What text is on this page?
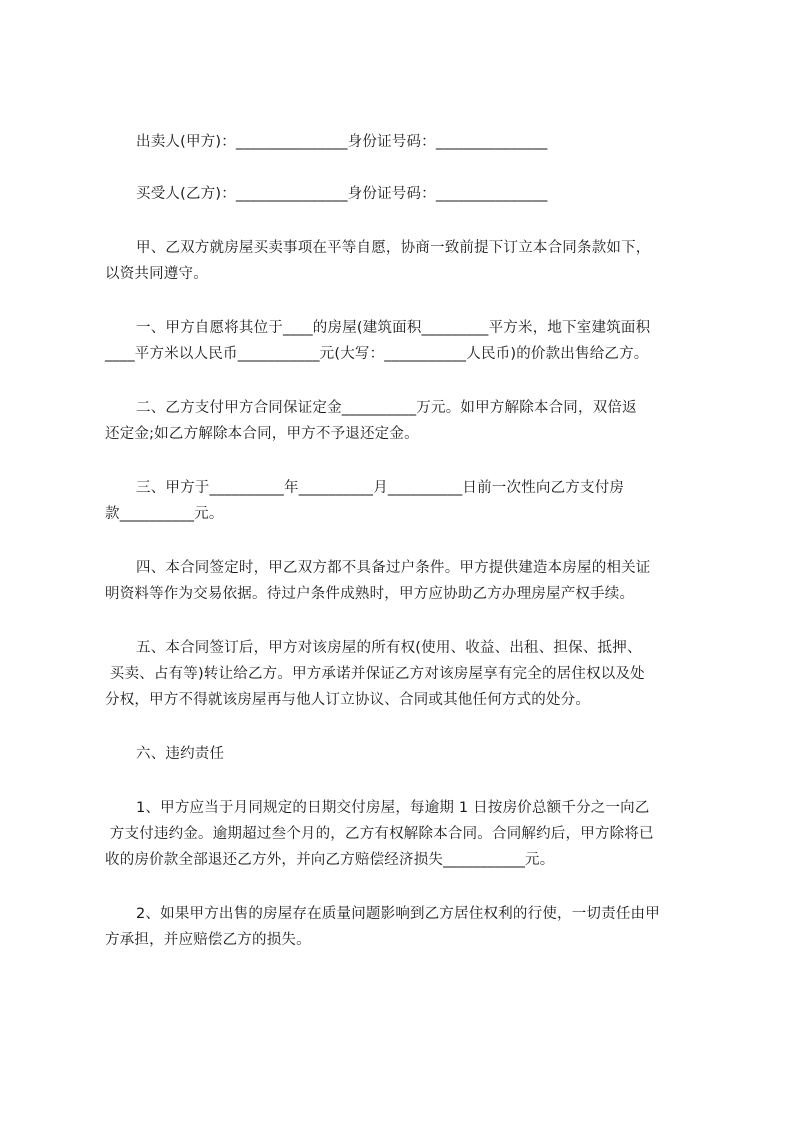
出卖人(甲方)：_______________身份证号码：_______________
买受人(乙方)：_______________身份证号码：_______________
甲、乙双方就房屋买卖事项在平等自愿，协商一致前提下订立本合同条款如下，
以资共同遵守。
一、甲方自愿将其位于____的房屋(建筑面积_________平方米，地下室建筑面积
____平方米以人民币___________元(大写：___________人民币)的价款出售给乙方。
二、乙方支付甲方合同保证定金__________万元。如甲方解除本合同，双倍返
还定金;如乙方解除本合同，甲方不予退还定金。
三、甲方于__________年__________月__________日前一次性向乙方支付房
款__________元。
四、本合同签定时，甲乙双方都不具备过户条件。甲方提供建造本房屋的相关证
明资料等作为交易依据。待过户条件成熟时，甲方应协助乙方办理房屋产权手续。
五、本合同签订后，甲方对该房屋的所有权(使用、收益、出租、担保、抵押、
买卖、占有等)转让给乙方。甲方承诺并保证乙方对该房屋享有完全的居住权以及处
分权，甲方不得就该房屋再与他人订立协议、合同或其他任何方式的处分。
六、违约责任
1、甲方应当于月同规定的日期交付房屋，每逾期 1 日按房价总额千分之一向乙
方支付违约金。逾期超过叁个月的，乙方有权解除本合同。合同解约后，甲方除将已
收的房价款全部退还乙方外，并向乙方赔偿经济损失___________元。
2、如果甲方出售的房屋存在质量问题影响到乙方居住权利的行使，一切责任由甲
方承担，并应赔偿乙方的损失。
